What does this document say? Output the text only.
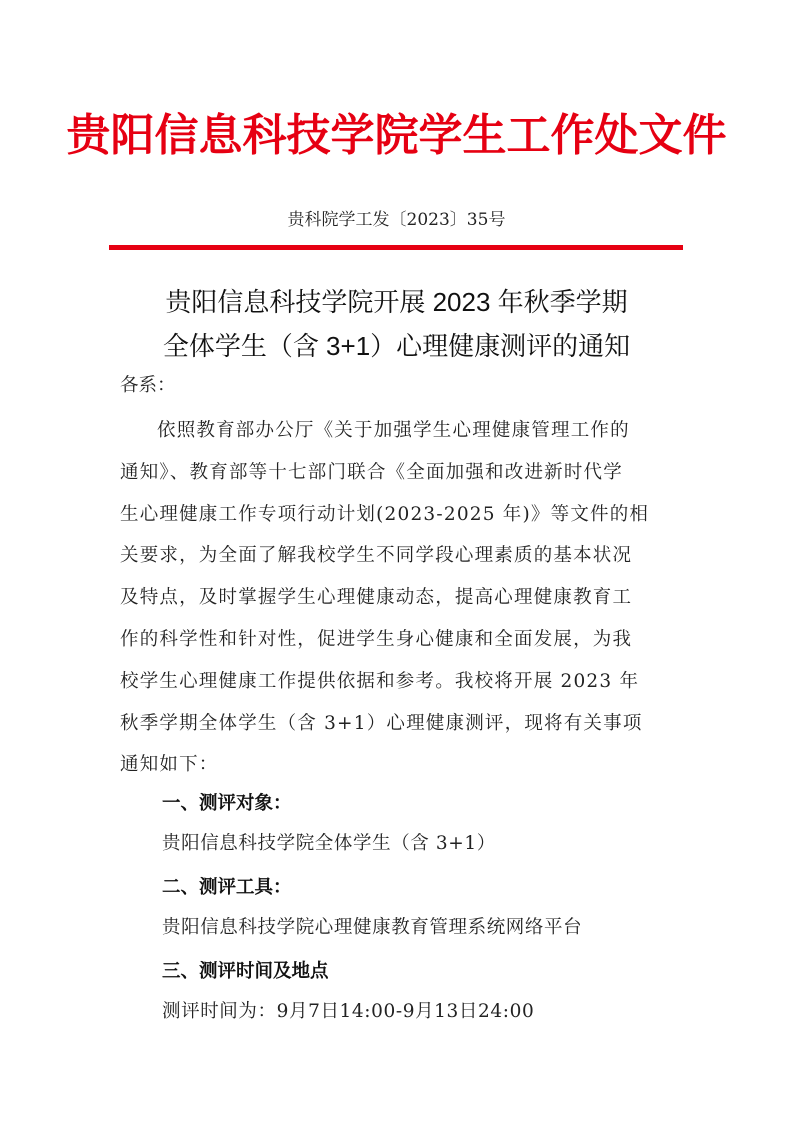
贵阳信息科技学院学生工作处文件
贵科院学工发〔2023〕35号
贵阳信息科技学院开展 2023 年秋季学期
全体学生（含 3+1）心理健康测评的通知
各系：
依照教育部办公厅《关于加强学生心理健康管理工作的
通知》、教育部等十七部门联合《全面加强和改进新时代学
生心理健康工作专项行动计划(2023-2025 年)》等文件的相
关要求，为全面了解我校学生不同学段心理素质的基本状况
及特点，及时掌握学生心理健康动态，提高心理健康教育工
作的科学性和针对性，促进学生身心健康和全面发展，为我
校学生心理健康工作提供依据和参考。我校将开展 2023 年
秋季学期全体学生（含 3+1）心理健康测评，现将有关事项
通知如下：
一、测评对象：
贵阳信息科技学院全体学生（含 3+1）
二、测评工具：
贵阳信息科技学院心理健康教育管理系统网络平台
三、测评时间及地点
测评时间为：9月7日14:00-9月13日24:00
